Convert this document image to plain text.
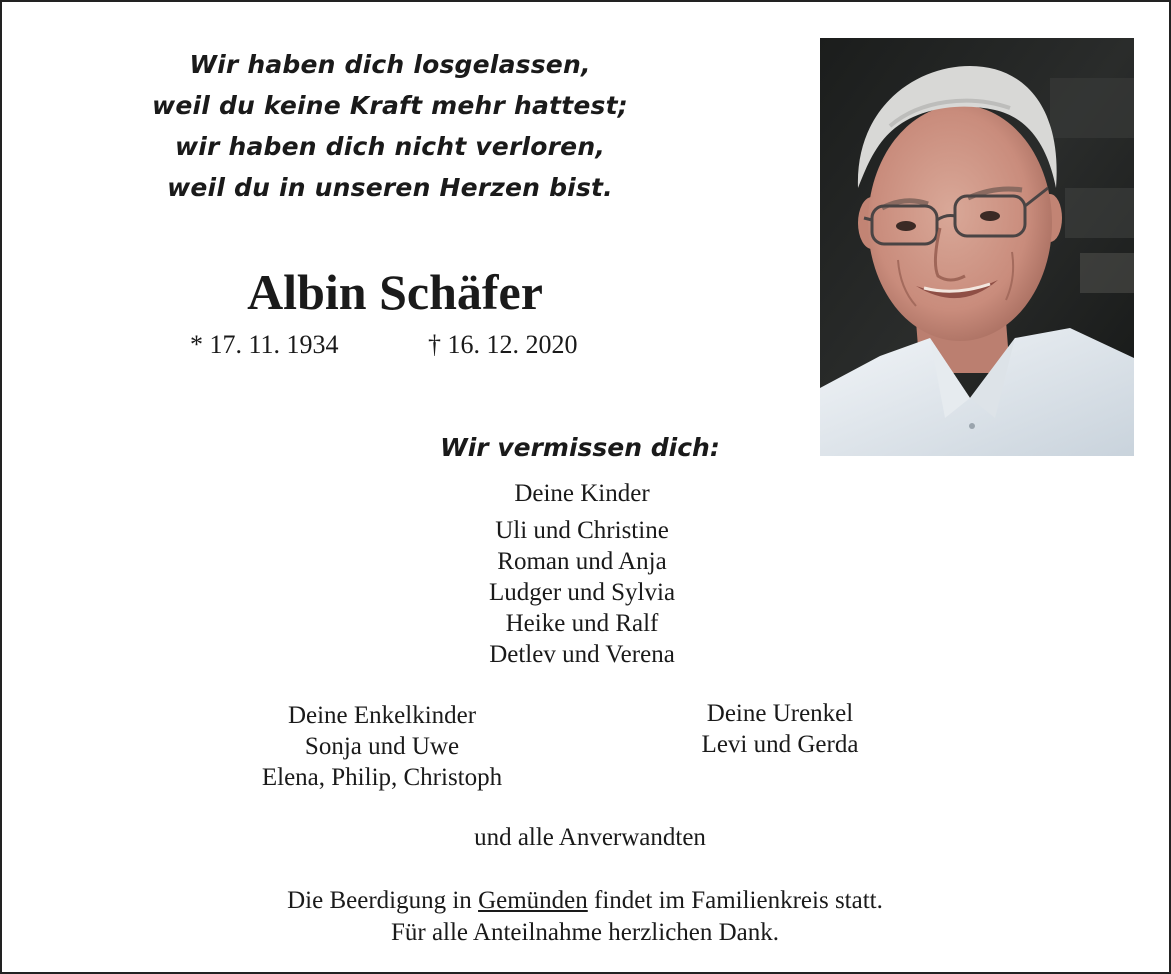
Wir haben dich losgelassen,
weil du keine Kraft mehr hattest;
wir haben dich nicht verloren,
weil du in unseren Herzen bist.
Albin Schäfer
* 17. 11. 1934	† 16. 12. 2020
Wir vermissen dich:
Deine Kinder
Uli und Christine
Roman und Anja
Ludger und Sylvia
Heike und Ralf
Detlev und Verena
Deine Enkelkinder
Sonja und Uwe
Elena, Philip, Christoph
Deine Urenkel
Levi und Gerda
und alle Anverwandten
Die Beerdigung in Gemünden findet im Familienkreis statt.
Für alle Anteilnahme herzlichen Dank.
